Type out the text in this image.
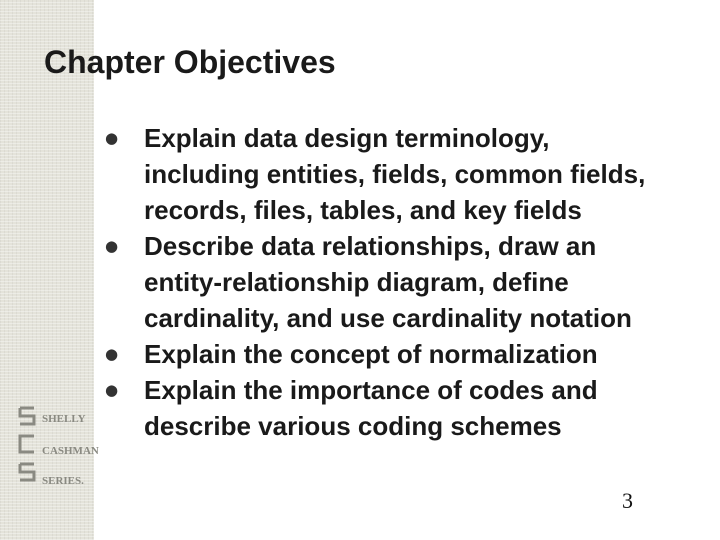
Chapter Objectives
● Explain data design terminology,
including entities, fields, common fields,
records, files, tables, and key fields
● Describe data relationships, draw an
entity-relationship diagram, define
cardinality, and use cardinality notation
● Explain the concept of normalization
● Explain the importance of codes and
describe various coding schemes
SHELLY
CASHMAN
SERIES.
3
